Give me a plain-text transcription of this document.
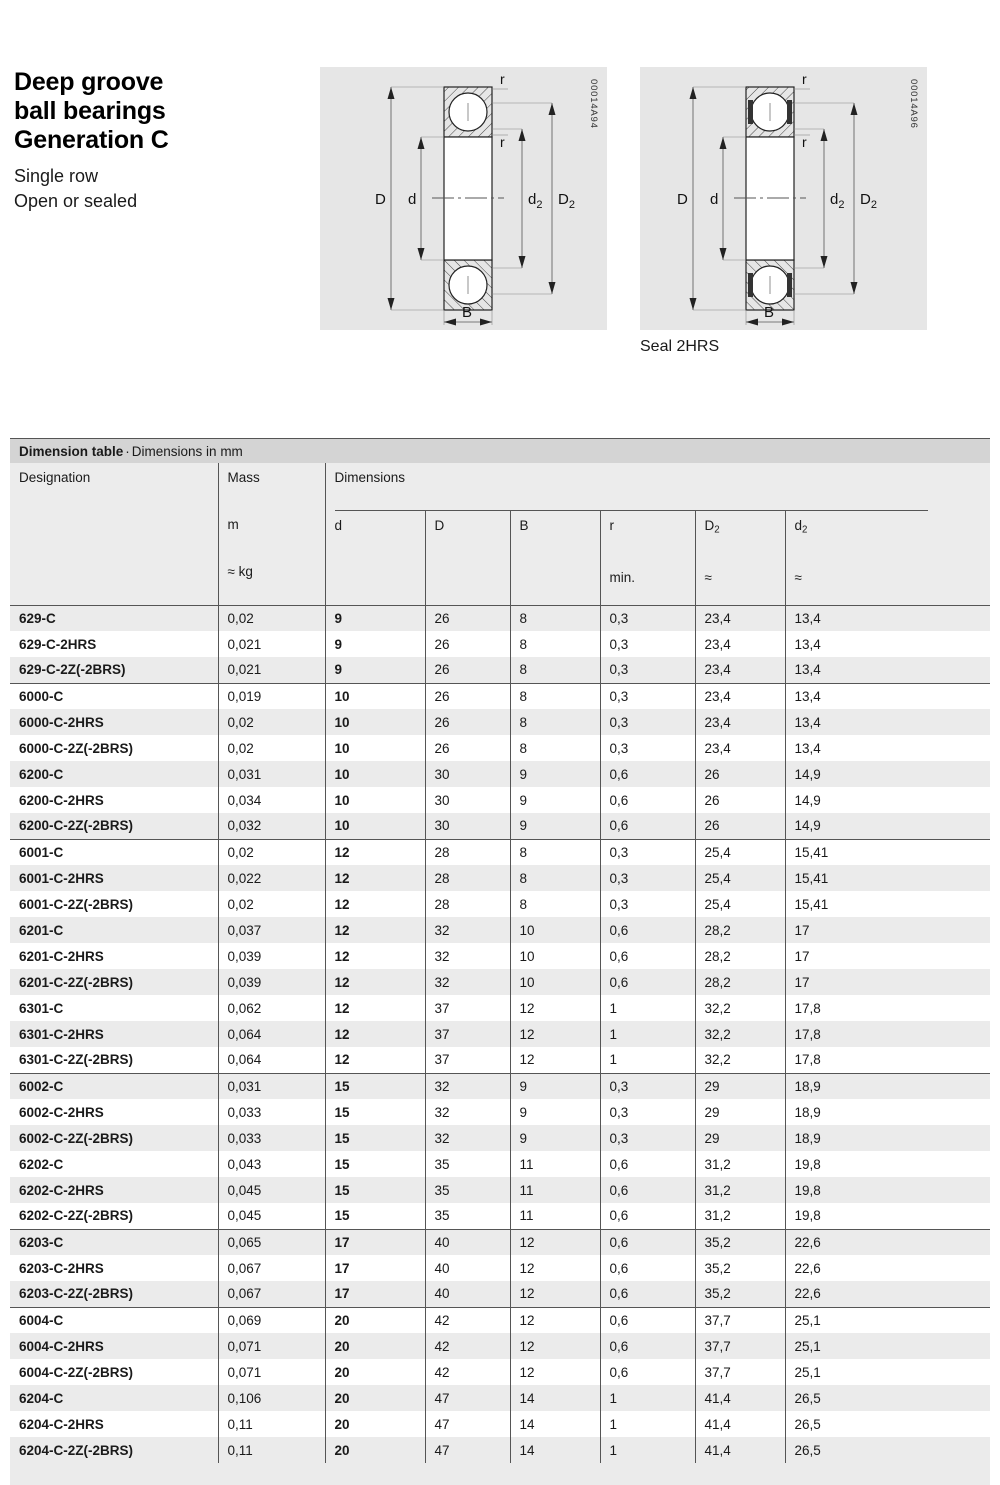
Deep groove
ball bearings
Generation C
Single row
Open or sealed	D d	$d_2$ $D_2$
B
r
r
00014A94
D d	$d_2$ $D_2$
B
r
r
00014A96
Seal 2HRS
Dimension table · Dimensions in mm
Designation	Mass
m
≈ kg	Dimensions					

		d	D	B	r	$D_2$	$d_2$
					min.	≈	≈
629-C	0,02	9	26	8	0,3	23,4	13,4
629-C-2HRS	0,021	9	26	8	0,3	23,4	13,4
629-C-2Z(-2BRS)	0,021	9	26	8	0,3	23,4	13,4
6000-C	0,019	10	26	8	0,3	23,4	13,4
6000-C-2HRS	0,02	10	26	8	0,3	23,4	13,4
6000-C-2Z(-2BRS)	0,02	10	26	8	0,3	23,4	13,4
6200-C	0,031	10	30	9	0,6	26	14,9
6200-C-2HRS	0,034	10	30	9	0,6	26	14,9
6200-C-2Z(-2BRS)	0,032	10	30	9	0,6	26	14,9
6001-C	0,02	12	28	8	0,3	25,4	15,41
6001-C-2HRS	0,022	12	28	8	0,3	25,4	15,41
6001-C-2Z(-2BRS)	0,02	12	28	8	0,3	25,4	15,41
6201-C	0,037	12	32	10	0,6	28,2	17
6201-C-2HRS	0,039	12	32	10	0,6	28,2	17
6201-C-2Z(-2BRS)	0,039	12	32	10	0,6	28,2	17
6301-C	0,062	12	37	12	1	32,2	17,8
6301-C-2HRS	0,064	12	37	12	1	32,2	17,8
6301-C-2Z(-2BRS)	0,064	12	37	12	1	32,2	17,8
6002-C	0,031	15	32	9	0,3	29	18,9
6002-C-2HRS	0,033	15	32	9	0,3	29	18,9
6002-C-2Z(-2BRS)	0,033	15	32	9	0,3	29	18,9
6202-C	0,043	15	35	11	0,6	31,2	19,8
6202-C-2HRS	0,045	15	35	11	0,6	31,2	19,8
6202-C-2Z(-2BRS)	0,045	15	35	11	0,6	31,2	19,8
6203-C	0,065	17	40	12	0,6	35,2	22,6
6203-C-2HRS	0,067	17	40	12	0,6	35,2	22,6
6203-C-2Z(-2BRS)	0,067	17	40	12	0,6	35,2	22,6
6004-C	0,069	20	42	12	0,6	37,7	25,1
6004-C-2HRS	0,071	20	42	12	0,6	37,7	25,1
6004-C-2Z(-2BRS)	0,071	20	42	12	0,6	37,7	25,1
6204-C	0,106	20	47	14	1	41,4	26,5
6204-C-2HRS	0,11	20	47	14	1	41,4	26,5
6204-C-2Z(-2BRS)	0,11	20	47	14	1	41,4	26,5
